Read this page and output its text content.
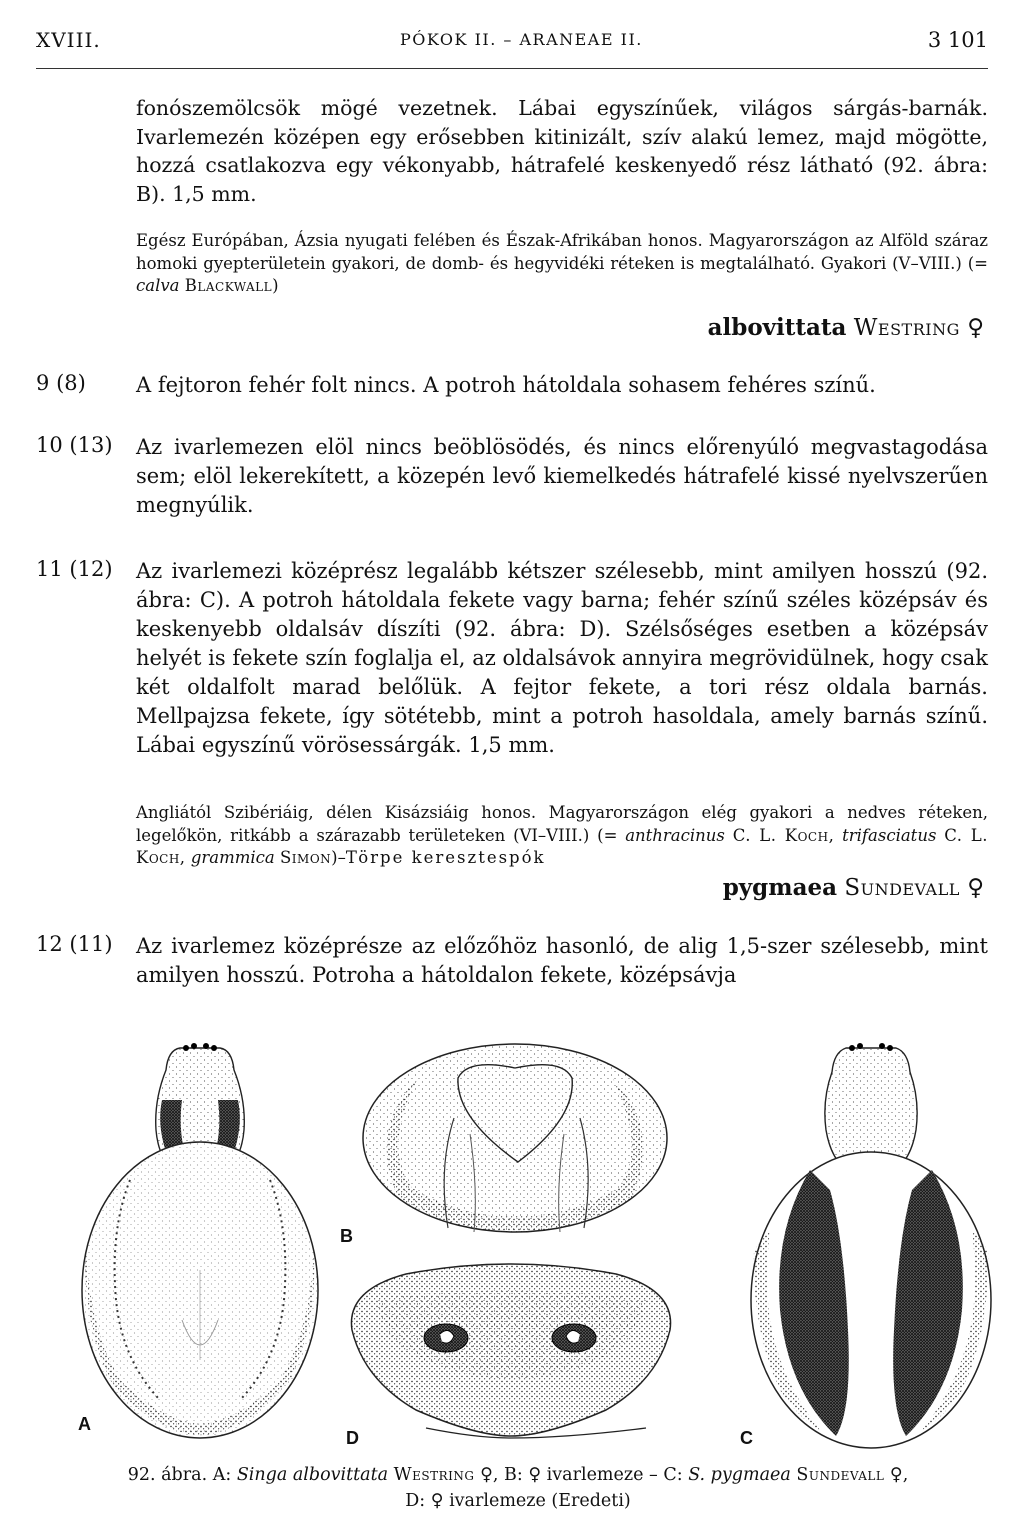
XVIII.	PÓKOK II. – ARANEAE II.	3 101

fonószemölcsök mögé vezetnek. Lábai egyszínűek, világos sárgás-barnák. Ivarlemezén középen egy erősebben kitinizált, szív alakú lemez, majd mögötte, hozzá csatlakozva egy vékonyabb, hátrafelé keskenyedő rész látható (92. ábra: B). 1,5 mm.

Egész Európában, Ázsia nyugati felében és Észak-Afrikában honos. Magyarországon az Alföld száraz homoki gyepterületein gyakori, de domb- és hegyvidéki réteken is megtalálható. Gyakori (V–VIII.) (= calva Blackwall)

albovittata Westring ♀
9 (8) A fejtoron fehér folt nincs. A potroh hátoldala sohasem fehéres színű.

10 (13) Az ivarlemezen elöl nincs beöblösödés, és nincs előrenyúló megvastagodása sem; elöl lekerekített, a közepén levő kiemelkedés hátrafelé kissé nyelvszerűen megnyúlik.

11 (12) Az ivarlemezi középrész legalább kétszer szélesebb, mint amilyen hosszú (92. ábra: C). A potroh hátoldala fekete vagy barna; fehér színű széles középsáv és keskenyebb oldalsáv díszíti (92. ábra: D). Szélsőséges esetben a középsáv helyét is fekete szín foglalja el, az oldalsávok annyira megrövidülnek, hogy csak két oldalfolt marad belőlük. A fejtor fekete, a tori rész oldala barnás. Mellpajzsa fekete, így sötétebb, mint a potroh hasoldala, amely barnás színű. Lábai egyszínű vörösessárgák. 1,5 mm.

Angliától Szibériáig, délen Kisázsiáig honos. Magyarországon elég gyakori a nedves réteken, legelőkön, ritkább a szárazabb területeken (VI–VIII.) (= anthracinus C. L. Koch, trifasciatus C. L. Koch, grammica Simon)–Törpe keresztespók

pygmaea Sundevall ♀
12 (11) Az ivarlemez középrésze az előzőhöz hasonló, de alig 1,5-szer szélesebb, mint amilyen hosszú. Potroha a hátoldalon fekete, középsávja

A
B
D	C
92. ábra. A: Singa albovittata Westring ♀, B: ♀ ivarlemeze – C: S. pygmaea Sundevall ♀,
D: ♀ ivarlemeze (Eredeti)
